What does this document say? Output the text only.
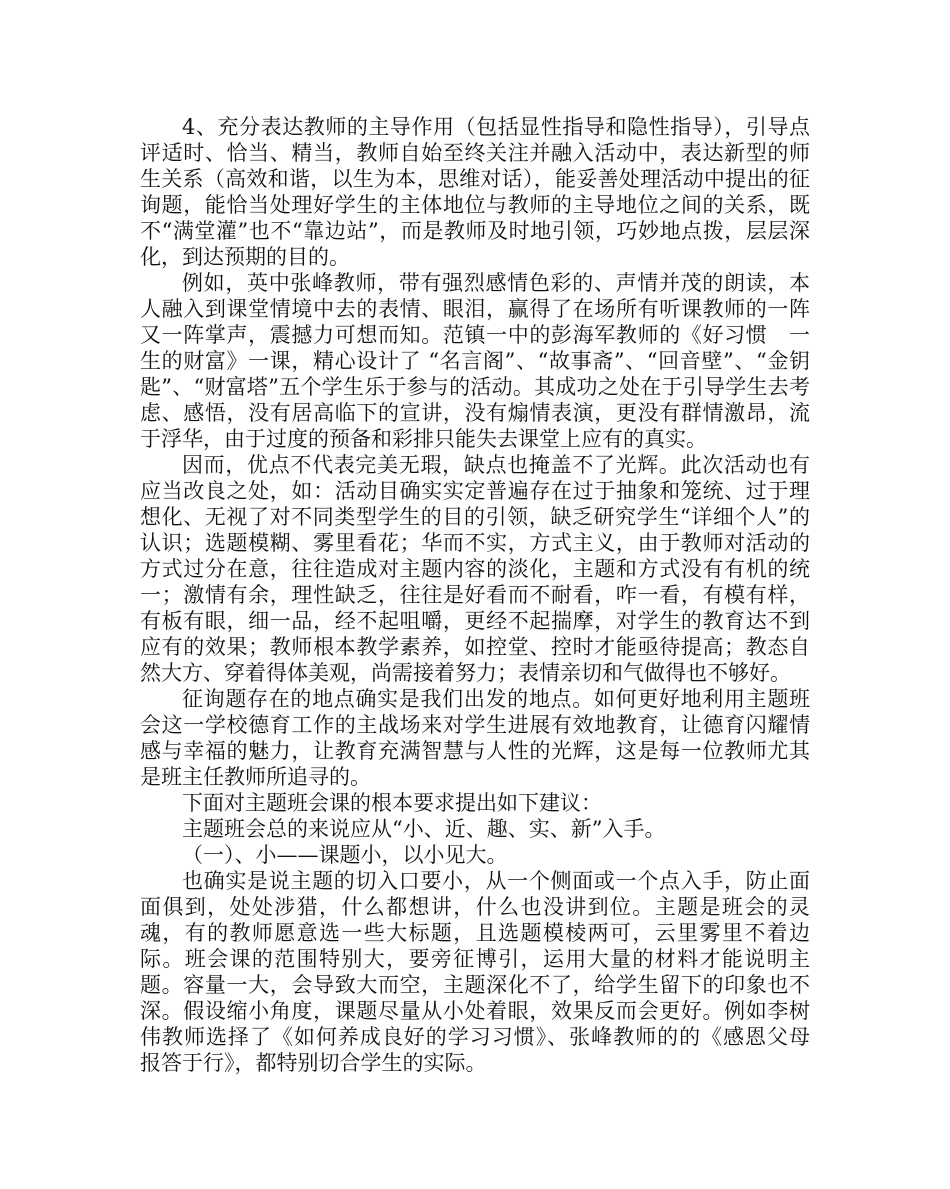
4、充分表达教师的主导作用（包括显性指导和隐性指导），引导点评适时、恰当、精当，教师自始至终关注并融入活动中，表达新型的师生关系（高效和谐，以生为本，思维对话），能妥善处理活动中提出的征询题，能恰当处理好学生的主体地位与教师的主导地位之间的关系，既不“满堂灌”也不“靠边站”，而是教师及时地引领，巧妙地点拨，层层深化，到达预期的目的。

例如，英中张峰教师，带有强烈感情色彩的、声情并茂的朗读，本人融入到课堂情境中去的表情、眼泪，赢得了在场所有听课教师的一阵又一阵掌声，震撼力可想而知。范镇一中的彭海军教师的《好习惯　一生的财富》一课，精心设计了 “名言阁”、“故事斋”、“回音壁”、“金钥匙”、“财富塔”五个学生乐于参与的活动。其成功之处在于引导学生去考虑、感悟，没有居高临下的宣讲，没有煽情表演，更没有群情激昂，流于浮华，由于过度的预备和彩排只能失去课堂上应有的真实。

因而，优点不代表完美无瑕，缺点也掩盖不了光辉。此次活动也有应当改良之处，如：活动目确实实定普遍存在过于抽象和笼统、过于理想化、无视了对不同类型学生的目的引领，缺乏研究学生“详细个人”的认识；选题模糊、雾里看花；华而不实，方式主义，由于教师对活动的方式过分在意，往往造成对主题内容的淡化，主题和方式没有有机的统一；激情有余，理性缺乏，往往是好看而不耐看，咋一看，有模有样，有板有眼，细一品，经不起咀嚼，更经不起揣摩，对学生的教育达不到应有的效果；教师根本教学素养，如控堂、控时才能亟待提高；教态自然大方、穿着得体美观，尚需接着努力；表情亲切和气做得也不够好。

征询题存在的地点确实是我们出发的地点。如何更好地利用主题班会这一学校德育工作的主战场来对学生进展有效地教育，让德育闪耀情感与幸福的魅力，让教育充满智慧与人性的光辉，这是每一位教师尤其是班主任教师所追寻的。

下面对主题班会课的根本要求提出如下建议：

主题班会总的来说应从“小、近、趣、实、新”入手。

（一）、小——课题小，以小见大。

也确实是说主题的切入口要小，从一个侧面或一个点入手，防止面面俱到，处处涉猎，什么都想讲，什么也没讲到位。主题是班会的灵魂，有的教师愿意选一些大标题，且选题模棱两可，云里雾里不着边际。班会课的范围特别大，要旁征博引，运用大量的材料才能说明主题。容量一大，会导致大而空，主题深化不了，给学生留下的印象也不深。假设缩小角度，课题尽量从小处着眼，效果反而会更好。例如李树伟教师选择了《如何养成良好的学习习惯》、张峰教师的的《感恩父母　报答于行》，都特别切合学生的实际。
